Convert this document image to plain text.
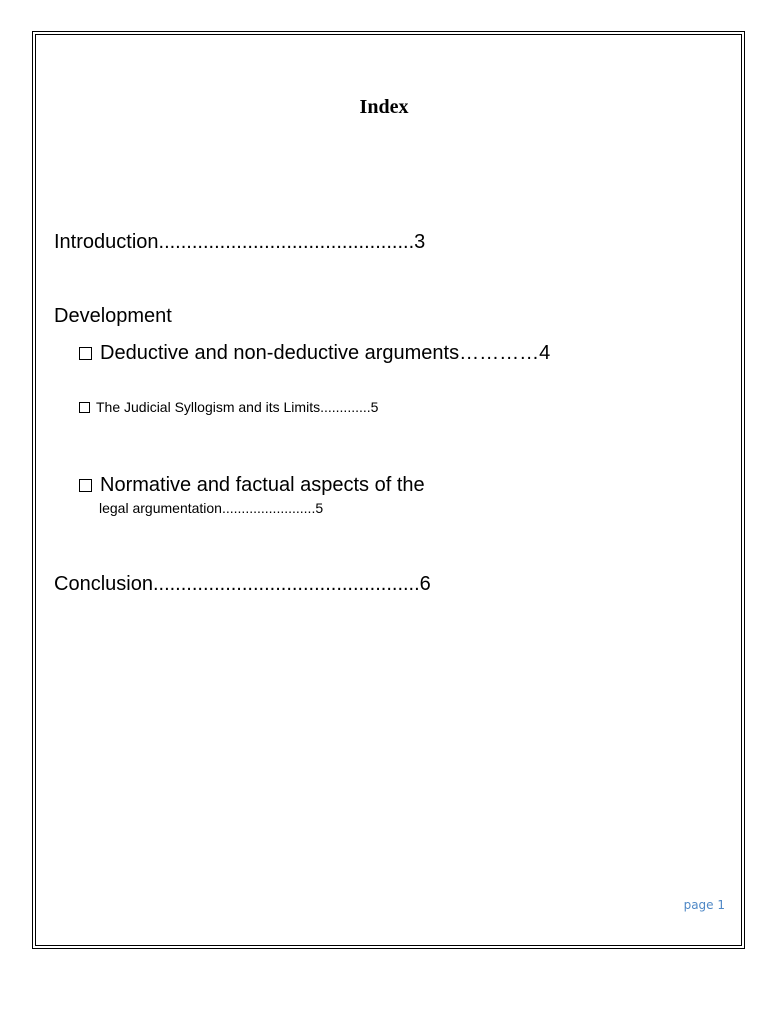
Index
Introduction..............................................3
Development
Deductive and non-deductive arguments…………4
The Judicial Syllogism and its Limits.............5
Normative and factual aspects of the
legal argumentation........................5
Conclusion................................................6
page 1
